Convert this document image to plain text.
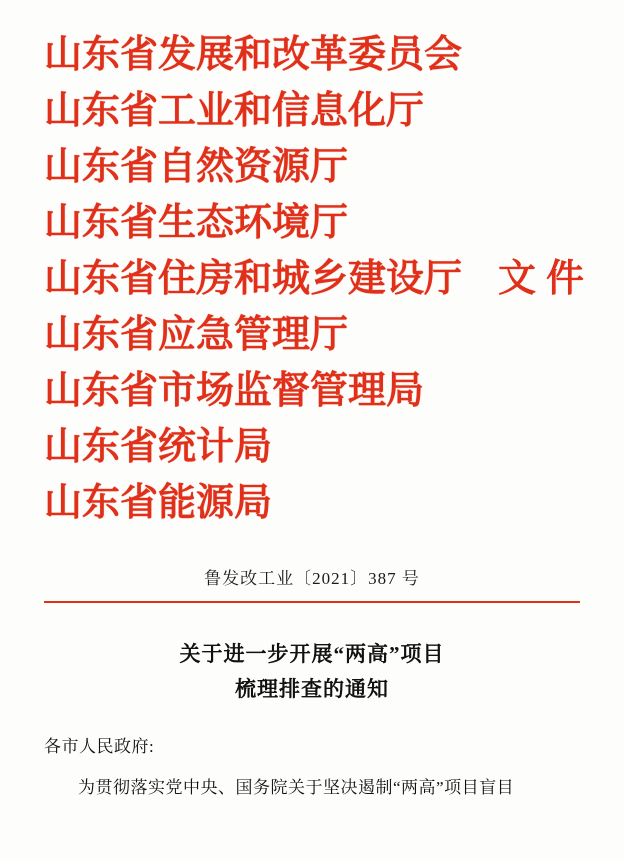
山东省发展和改革委员会
山东省工业和信息化厅
山东省自然资源厅
山东省生态环境厅
山东省住房和城乡建设厅 文件
山东省应急管理厅
山东省市场监督管理局
山东省统计局
山东省能源局
鲁发改工业〔2021〕387 号
关于进一步开展“两高”项目
梳理排查的通知
各市人民政府:
为贯彻落实党中央、国务院关于坚决遏制“两高”项目盲目
